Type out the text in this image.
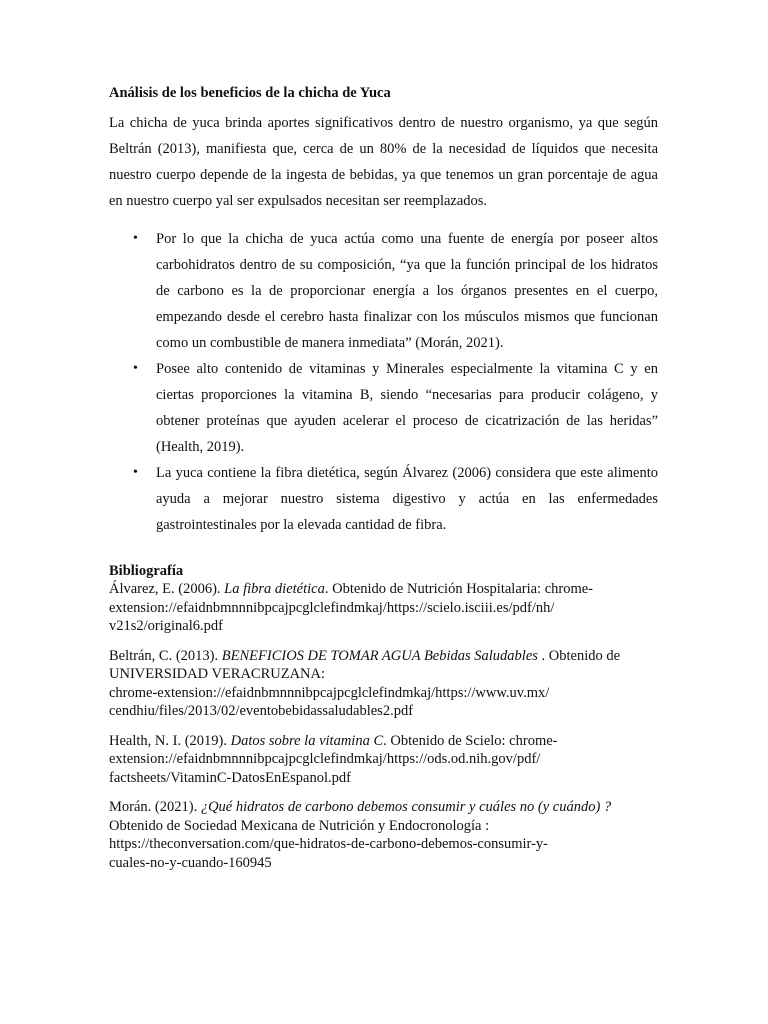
Análisis de los beneficios de la chicha de Yuca

La chicha de yuca brinda aportes significativos dentro de nuestro organismo, ya que según Beltrán (2013), manifiesta que, cerca de un 80% de la necesidad de líquidos que necesita nuestro cuerpo depende de la ingesta de bebidas, ya que tenemos un gran porcentaje de agua en nuestro cuerpo yal ser expulsados necesitan ser reemplazados.

• Por lo que la chicha de yuca actúa como una fuente de energía por poseer altos carbohidratos dentro de su composición, “ya que la función principal de los hidratos de carbono es la de proporcionar energía a los órganos presentes en el cuerpo, empezando desde el cerebro hasta finalizar con los músculos mismos que funcionan como un combustible de manera inmediata” (Morán, 2021).
• Posee alto contenido de vitaminas y Minerales especialmente la vitamina C y en ciertas proporciones la vitamina B, siendo “necesarias para producir colágeno, y obtener proteínas que ayuden acelerar el proceso de cicatrización de las heridas” (Health, 2019).
• La yuca contiene la fibra dietética, según Álvarez (2006) considera que este alimento ayuda a mejorar nuestro sistema digestivo y actúa en las enfermedades gastrointestinales por la elevada cantidad de fibra.

Bibliografía

Álvarez, E. (2006). La fibra dietética. Obtenido de Nutrición Hospitalaria: chrome-
extension://efaidnbmnnnibpcajpcglclefindmkaj/https://scielo.isciii.es/pdf/nh/
v21s2/original6.pdf

Beltrán, C. (2013). BENEFICIOS DE TOMAR AGUA Bebidas Saludables . Obtenido de
UNIVERSIDAD VERACRUZANA:
chrome-extension://efaidnbmnnnibpcajpcglclefindmkaj/https://www.uv.mx/
cendhiu/files/2013/02/eventobebidassaludables2.pdf

Health, N. I. (2019). Datos sobre la vitamina C. Obtenido de Scielo: chrome-
extension://efaidnbmnnnibpcajpcglclefindmkaj/https://ods.od.nih.gov/pdf/
factsheets/VitaminC-DatosEnEspanol.pdf

Morán. (2021). ¿Qué hidratos de carbono debemos consumir y cuáles no (y cuándo) ?
Obtenido de Sociedad Mexicana de Nutrición y Endocronología :
https://theconversation.com/que-hidratos-de-carbono-debemos-consumir-y-
cuales-no-y-cuando-160945
